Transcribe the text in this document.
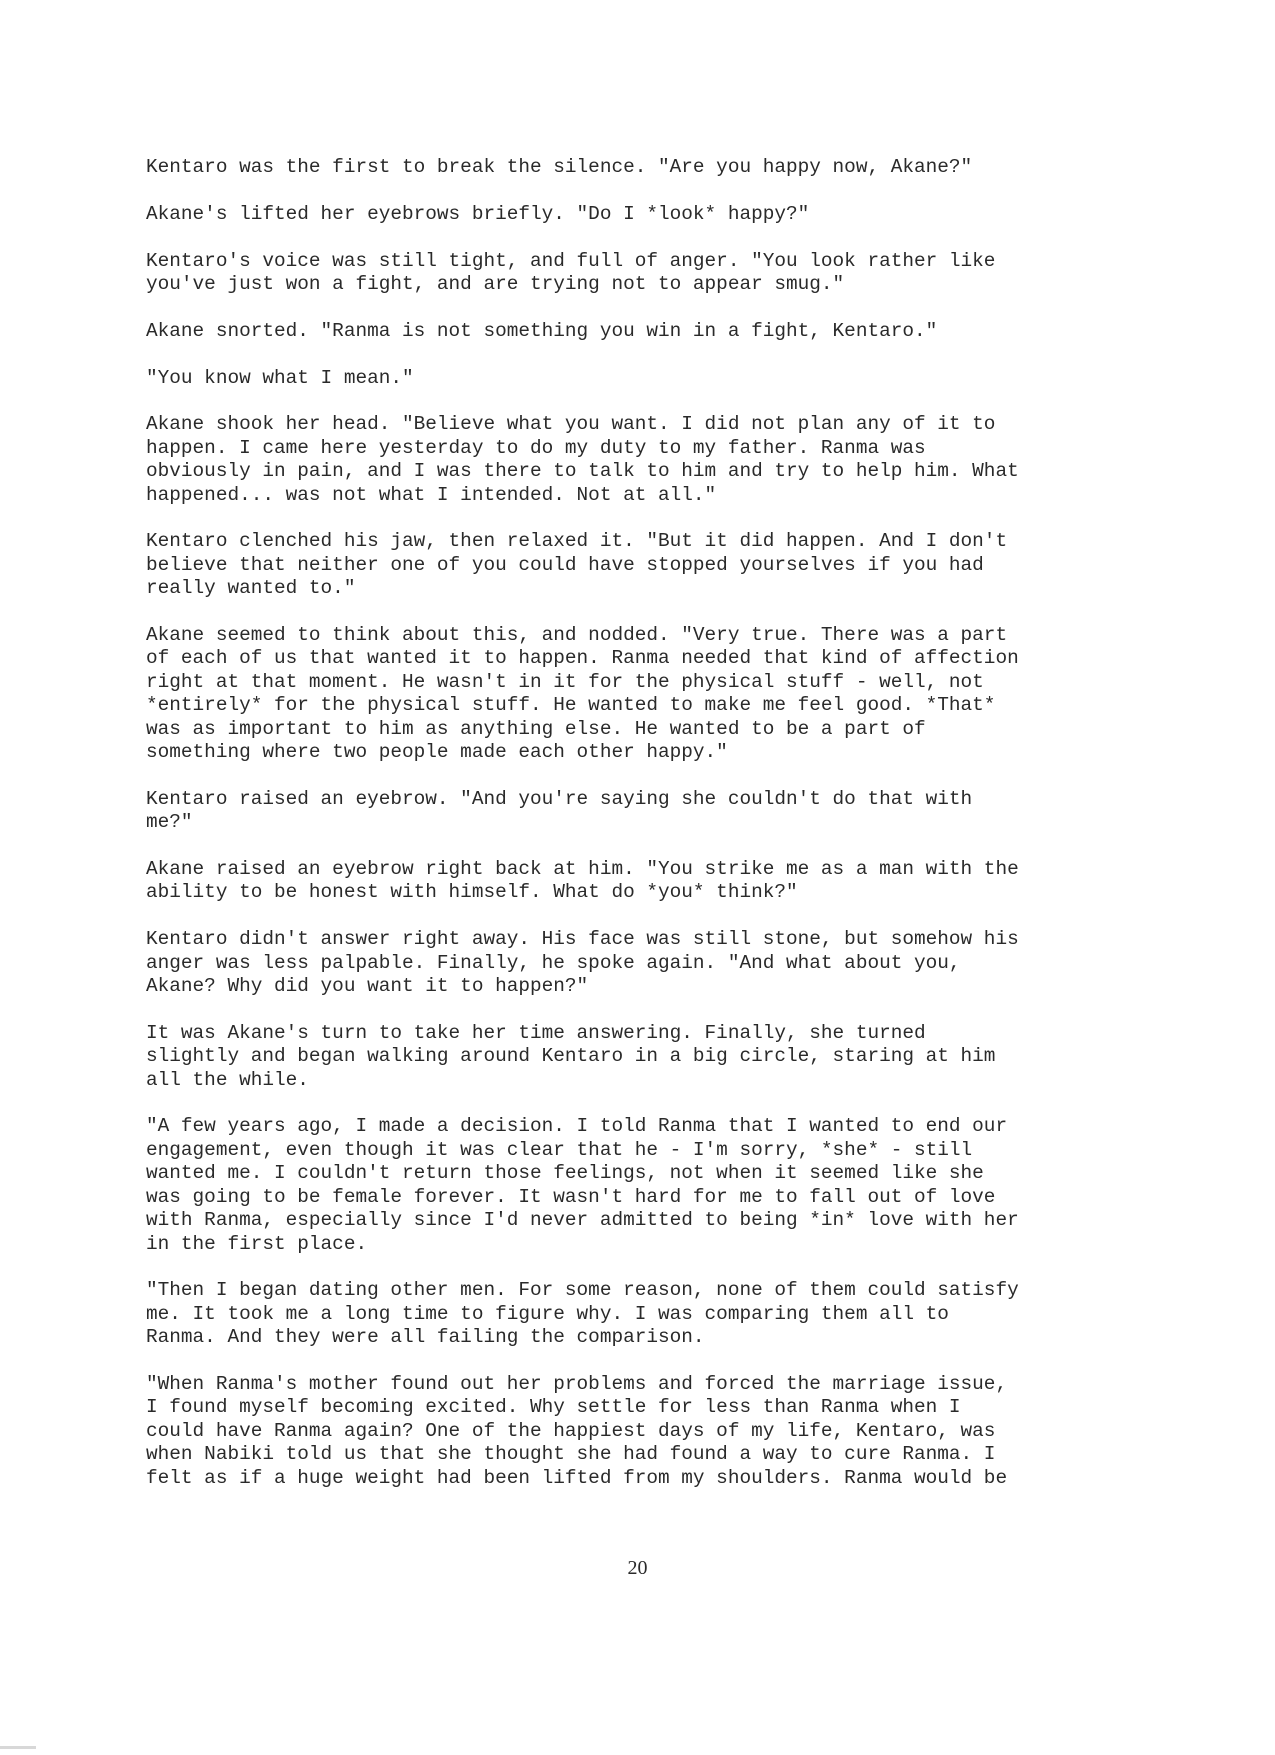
Kentaro was the first to break the silence. "Are you happy now, Akane?"

Akane's lifted her eyebrows briefly. "Do I *look* happy?"

Kentaro's voice was still tight, and full of anger. "You look rather like
you've just won a fight, and are trying not to appear smug."

Akane snorted. "Ranma is not something you win in a fight, Kentaro."

"You know what I mean."

Akane shook her head. "Believe what you want. I did not plan any of it to
happen. I came here yesterday to do my duty to my father. Ranma was
obviously in pain, and I was there to talk to him and try to help him. What
happened... was not what I intended. Not at all."

Kentaro clenched his jaw, then relaxed it. "But it did happen. And I don't
believe that neither one of you could have stopped yourselves if you had
really wanted to."

Akane seemed to think about this, and nodded. "Very true. There was a part
of each of us that wanted it to happen. Ranma needed that kind of affection
right at that moment. He wasn't in it for the physical stuff - well, not
*entirely* for the physical stuff. He wanted to make me feel good. *That*
was as important to him as anything else. He wanted to be a part of
something where two people made each other happy."

Kentaro raised an eyebrow. "And you're saying she couldn't do that with
me?"

Akane raised an eyebrow right back at him. "You strike me as a man with the
ability to be honest with himself. What do *you* think?"

Kentaro didn't answer right away. His face was still stone, but somehow his
anger was less palpable. Finally, he spoke again. "And what about you,
Akane? Why did you want it to happen?"

It was Akane's turn to take her time answering. Finally, she turned
slightly and began walking around Kentaro in a big circle, staring at him
all the while.

"A few years ago, I made a decision. I told Ranma that I wanted to end our
engagement, even though it was clear that he - I'm sorry, *she* - still
wanted me. I couldn't return those feelings, not when it seemed like she
was going to be female forever. It wasn't hard for me to fall out of love
with Ranma, especially since I'd never admitted to being *in* love with her
in the first place.

"Then I began dating other men. For some reason, none of them could satisfy
me. It took me a long time to figure why. I was comparing them all to
Ranma. And they were all failing the comparison.

"When Ranma's mother found out her problems and forced the marriage issue,
I found myself becoming excited. Why settle for less than Ranma when I
could have Ranma again? One of the happiest days of my life, Kentaro, was
when Nabiki told us that she thought she had found a way to cure Ranma. I
felt as if a huge weight had been lifted from my shoulders. Ranma would be

20
